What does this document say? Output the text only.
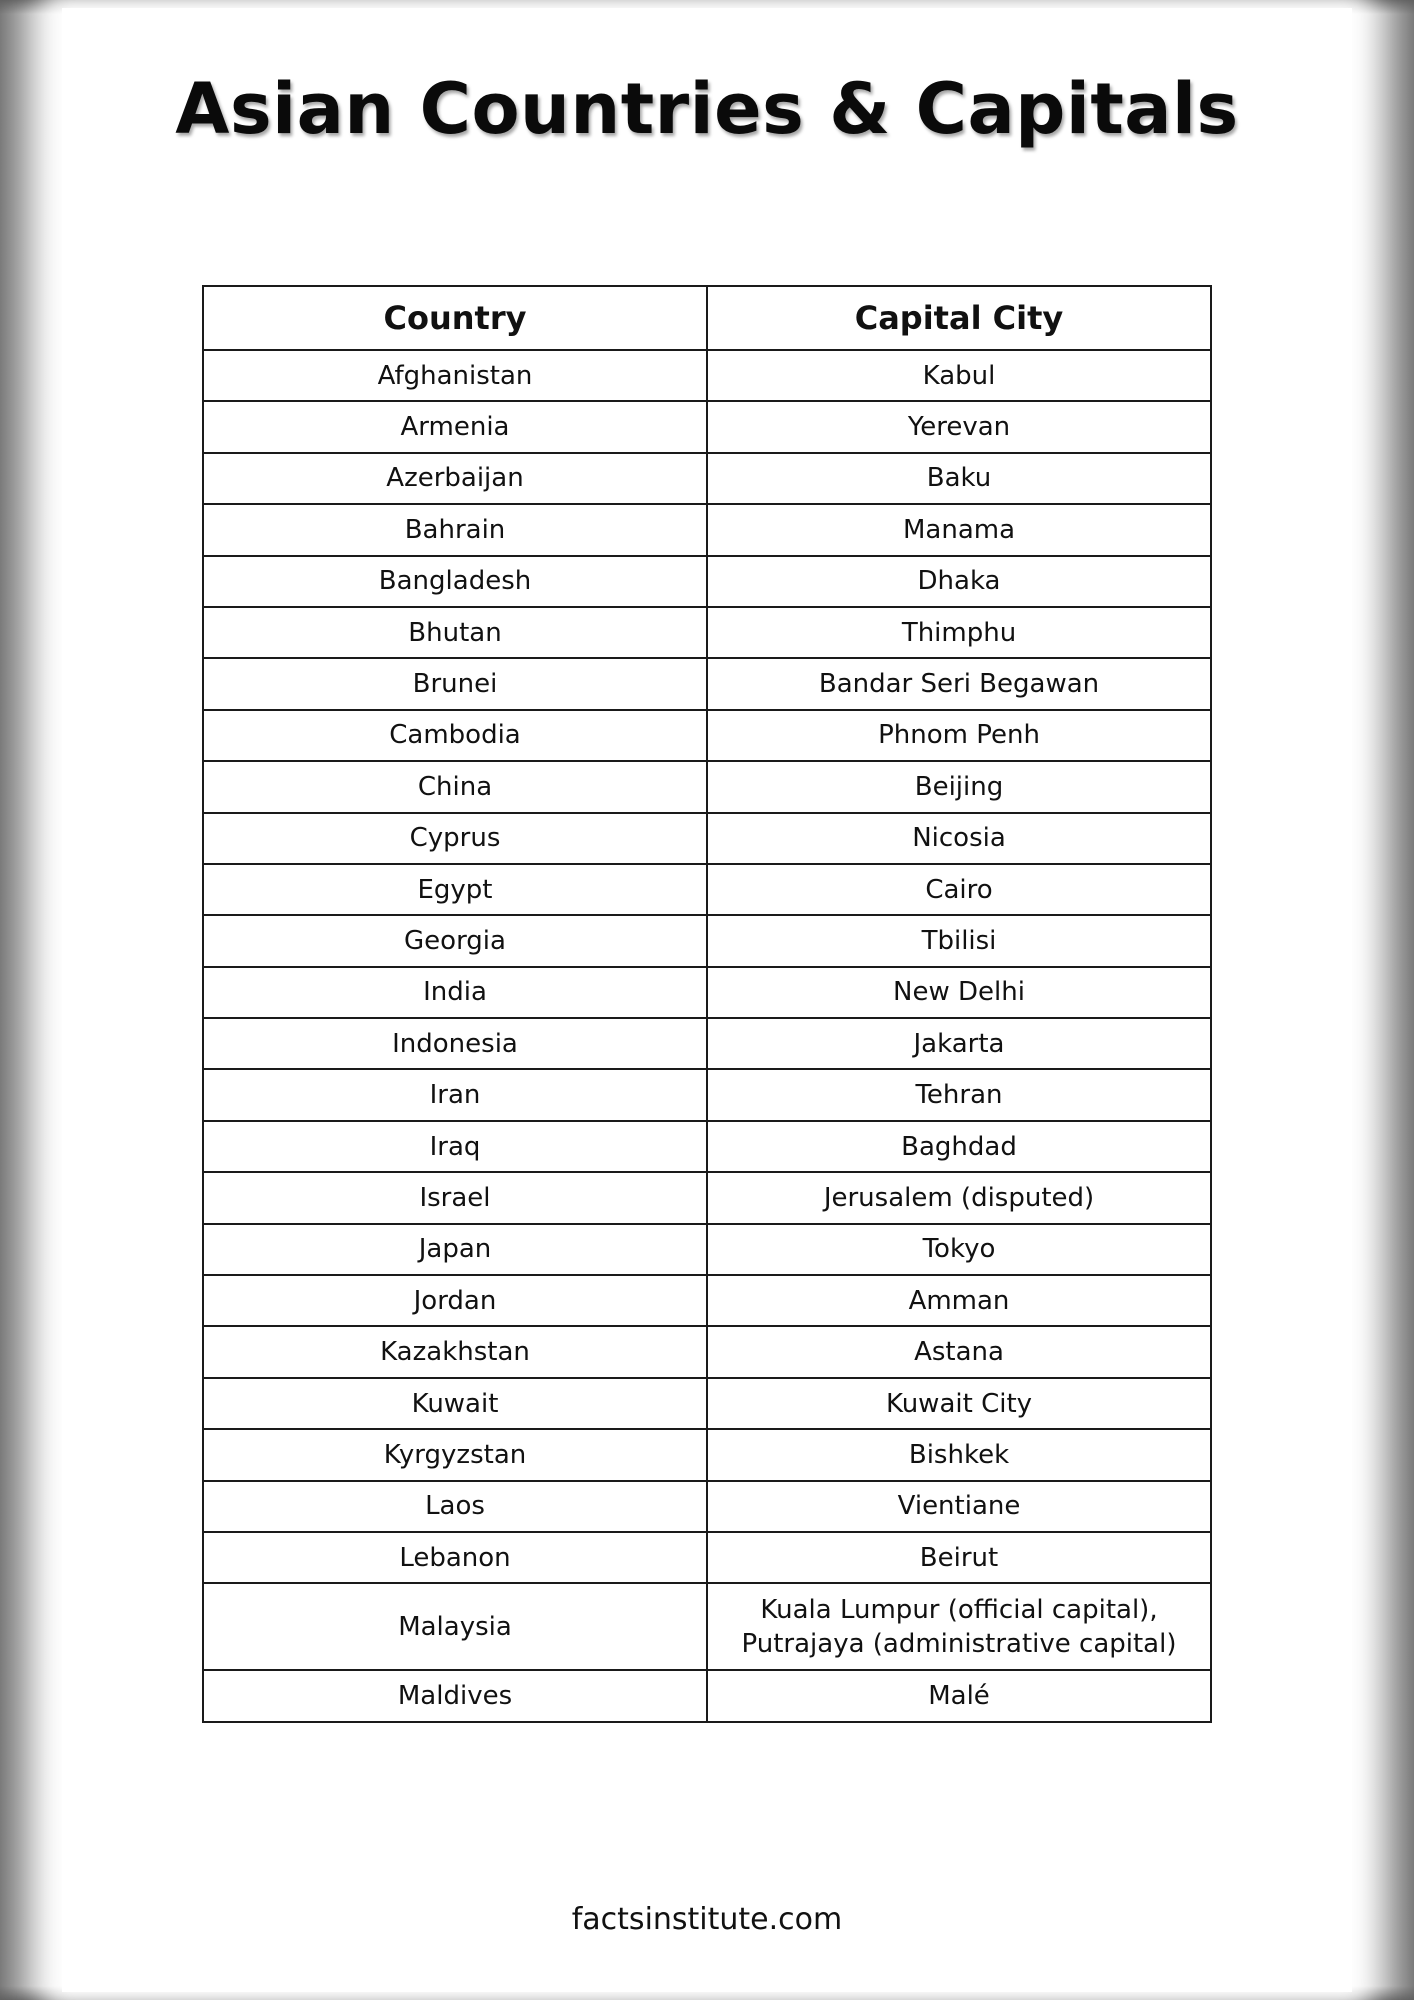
Asian Countries & Capitals
Country	Capital City
Afghanistan	Kabul
Armenia	Yerevan
Azerbaijan	Baku
Bahrain	Manama
Bangladesh	Dhaka
Bhutan	Thimphu
Brunei	Bandar Seri Begawan
Cambodia	Phnom Penh
China	Beijing
Cyprus	Nicosia
Egypt	Cairo
Georgia	Tbilisi
India	New Delhi
Indonesia	Jakarta
Iran	Tehran
Iraq	Baghdad
Israel	Jerusalem (disputed)
Japan	Tokyo
Jordan	Amman
Kazakhstan	Astana
Kuwait	Kuwait City
Kyrgyzstan	Bishkek
Laos	Vientiane
Lebanon	Beirut
Malaysia	Kuala Lumpur (official capital),
Putrajaya (administrative capital)
Maldives	Malé
factsinstitute.com
